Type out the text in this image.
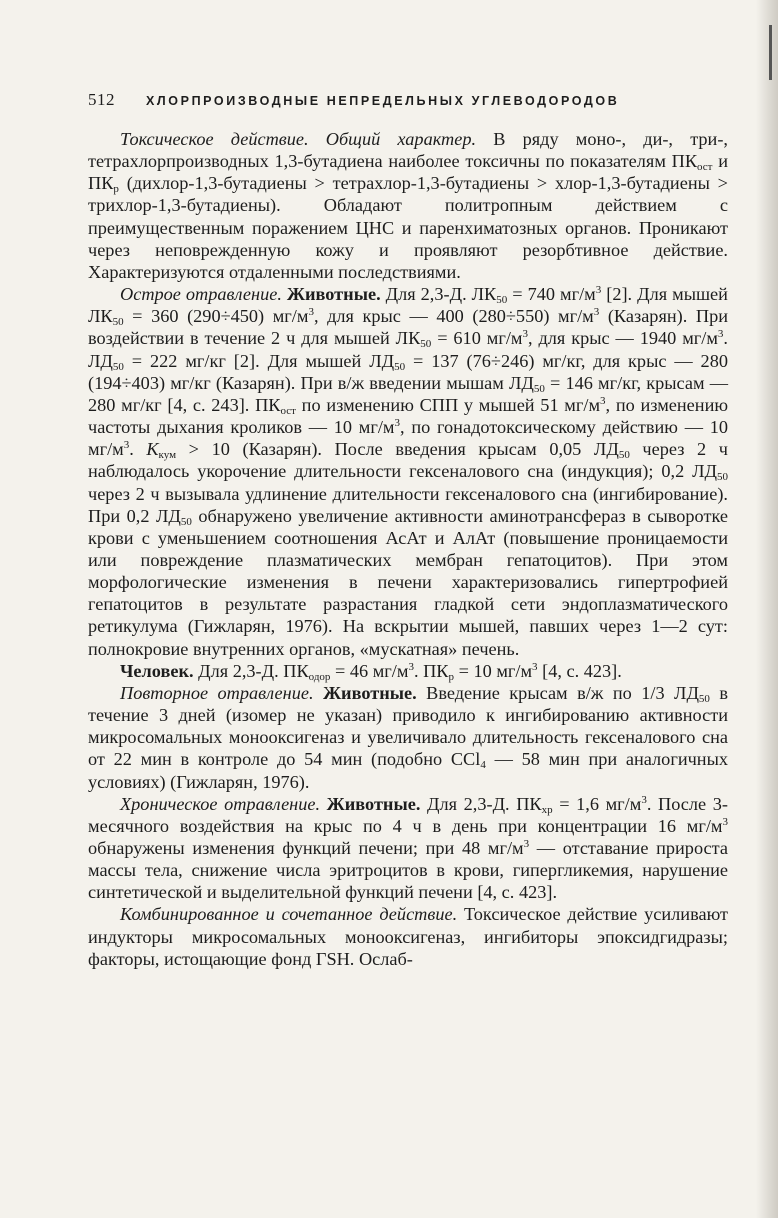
512	ХЛОРПРОИЗВОДНЫЕ НЕПРЕДЕЛЬНЫХ УГЛЕВОДОРОДОВ

Токсическое действие. Общий характер. В ряду моно-, ди-, три-, тетрахлорпроизводных 1,3-бутадиена наиболее токсичны по показателям $ПК_{ост}$ и $ПК_р$ (дихлор-1,3-бутадиены > тетрахлор-1,3-бутадиены > хлор-1,3-бутадиены > трихлор-1,3-бутадиены). Обладают политропным действием с преимущественным поражением ЦНС и паренхиматозных органов. Проникают через неповрежденную кожу и проявляют резорбтивное действие. Характеризуются отдаленными последствиями.

Острое отравление. Животные. Для 2,3-Д. $ЛК_{50} = 740$ $мг/м^3$ [2]. Для мышей $ЛК_{50} = 360$ (290÷450) $мг/м^3$, для крыс — 400 (280÷550) $мг/м^3$ (Казарян). При воздействии в течение 2 ч для мышей $ЛК_{50} = 610$ $мг/м^3$, для крыс — 1940 $мг/м^3$. $ЛД_{50} = 222$ мг/кг [2]. Для мышей $ЛД_{50} = 137$ (76÷246) мг/кг, для крыс — 280 (194÷403) мг/кг (Казарян). При в/ж введении мышам $ЛД_{50} = 146$ мг/кг, крысам — 280 мг/кг [4, с. 243]. $ПК_{ост}$ по изменению СПП у мышей 51 $мг/м^3$, по изменению частоты дыхания кроликов — 10 $мг/м^3$, по гонадотоксическому действию — 10 $мг/м^3$. $К_{кум} > 10$ (Казарян). После введения крысам 0,05 $ЛД_{50}$ через 2 ч наблюдалось укорочение длительности гексеналового сна (индукция); 0,2 $ЛД_{50}$ через 2 ч вызывала удлинение длительности гексеналового сна (ингибирование). При 0,2 $ЛД_{50}$ обнаружено увеличение активности аминотрансфераз в сыворотке крови с уменьшением соотношения АсАт и АлАт (повышение проницаемости или повреждение плазматических мембран гепатоцитов). При этом морфологические изменения в печени характеризовались гипертрофией гепатоцитов в результате разрастания гладкой сети эндоплазматического ретикулума (Гижларян, 1976). На вскрытии мышей, павших через 1—2 сут: полнокровие внутренних органов, «мускатная» печень.

Человек. Для 2,3-Д. $ПК_{одор} = 46$ $мг/м^3$. $ПК_р = 10$ $мг/м^3$ [4, с. 423].

Повторное отравление. Животные. Введение крысам в/ж по 1/3 $ЛД_{50}$ в течение 3 дней (изомер не указан) приводило к ингибированию активности микросомальных монооксигеназ и увеличивало длительность гексеналового сна от 22 мин в контроле до 54 мин (подобно CCl$_4$ — 58 мин при аналогичных условиях) (Гижларян, 1976).

Хроническое отравление. Животные. Для 2,3-Д. $ПК_{хр} = 1,6$ $мг/м^3$. После 3-месячного воздействия на крыс по 4 ч в день при концентрации 16 $мг/м^3$ обнаружены изменения функций печени; при 48 $мг/м^3$ — отставание прироста массы тела, снижение числа эритроцитов в крови, гипергликемия, нарушение синтетической и выделительной функций печени [4, с. 423].

Комбинированное и сочетанное действие. Токсическое действие усиливают индукторы микросомальных монооксигеназ, ингибиторы эпоксидгидразы; факторы, истощающие фонд ГSH. Ослаб-
